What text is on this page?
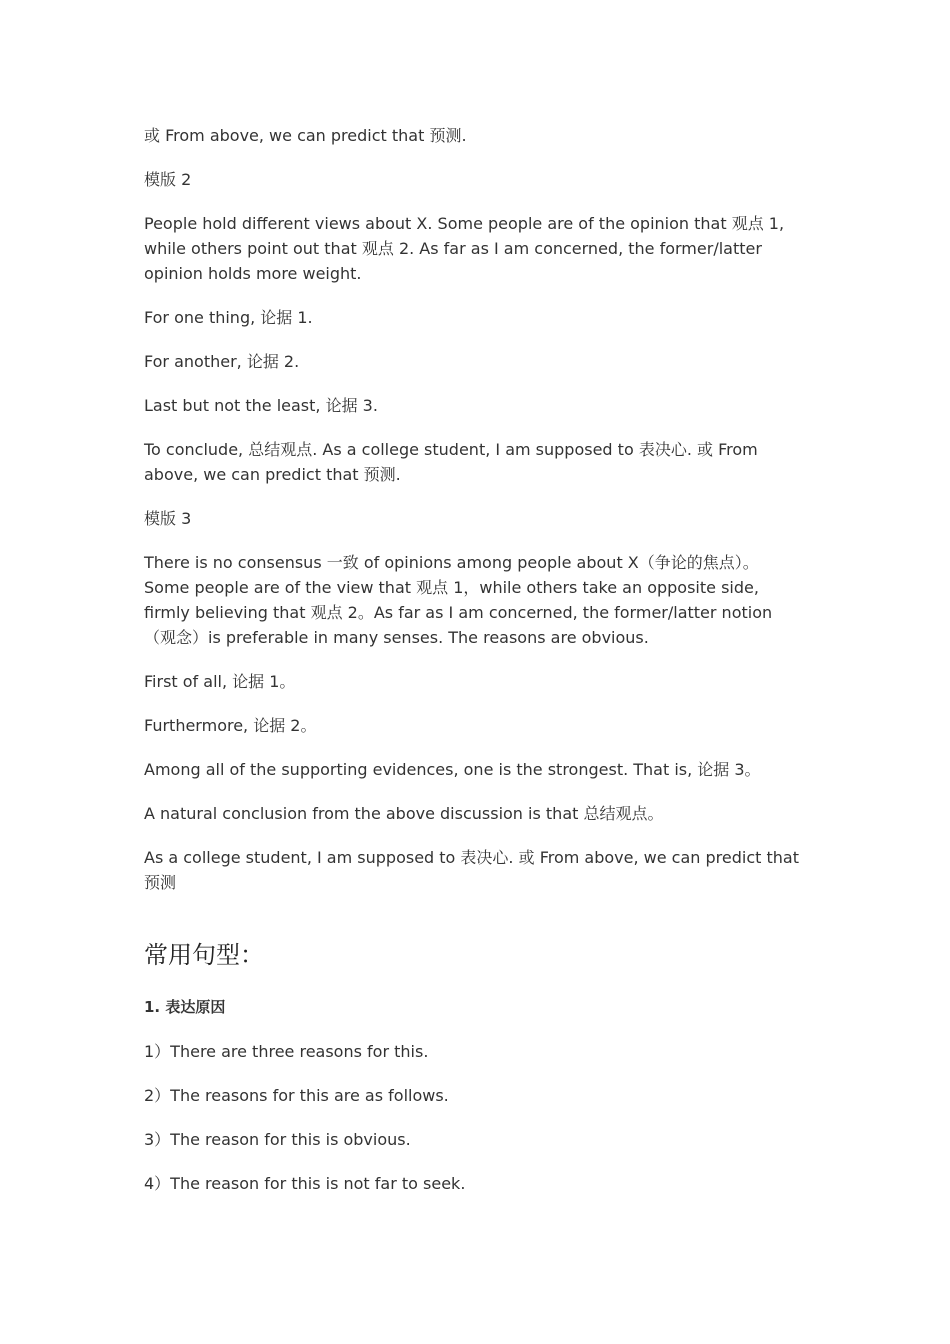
或 From above, we can predict that 预测.

模版 2

People hold different views about X. Some people are of the opinion that 观点 1, while others point out that 观点 2. As far as I am concerned, the former/latter opinion holds more weight.

For one thing, 论据 1.

For another, 论据 2.

Last but not the least, 论据 3.

To conclude, 总结观点. As a college student, I am supposed to 表决心. 或 From above, we can predict that 预测.

模版 3

There is no consensus 一致 of opinions among people about X（争论的焦点）。Some people are of the view that 观点 1，while others take an opposite side, firmly believing that 观点 2。As far as I am concerned, the former/latter notion（观念）is preferable in many senses. The reasons are obvious.

First of all, 论据 1。

Furthermore, 论据 2。

Among all of the supporting evidences, one is the strongest. That is, 论据 3。

A natural conclusion from the above discussion is that 总结观点。

As a college student, I am supposed to 表决心. 或 From above, we can predict that 预测

常用句型：

1. 表达原因

1）There are three reasons for this.

2）The reasons for this are as follows.

3）The reason for this is obvious.

4）The reason for this is not far to seek.
